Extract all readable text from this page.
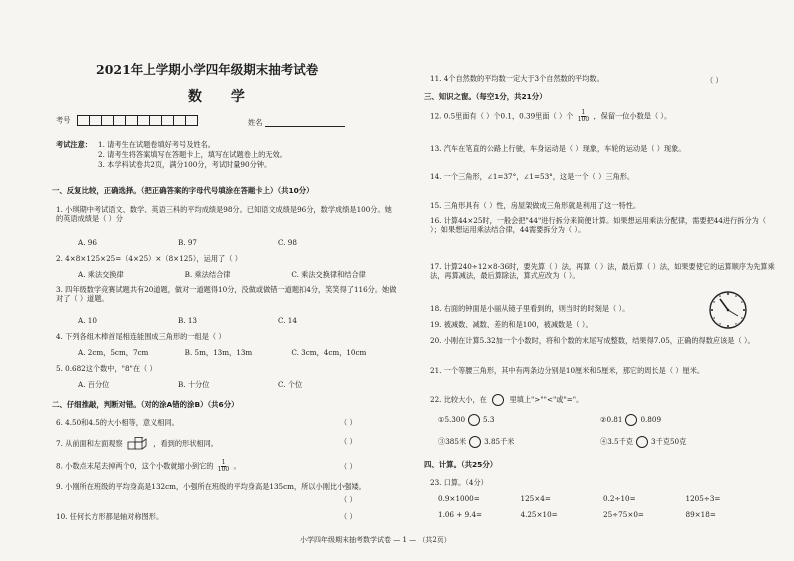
2021年上学期小学四年级期末抽考试卷
数 学
考号	姓名
考试注意： 1. 请考生在试题卷填好考号及姓名。
2. 请考生将答案填写在答题卡上，填写在试题卷上的无效。
3. 本学科试卷共2页，满分100分，考试时量90分钟。
一、反复比较，正确选择。（把正确答案的字母代号填涂在答题卡上）（共10分）
1. 小琪期中考试语文、数学、英语三科的平均成绩是98分。已知语文成绩是96分，数学成绩是100分。她的英语成绩是（ ）分
A. 96	B. 97	C. 98
2. 4×8×125×25=（4×25）×（8×125），运用了（ ）
A. 乘法交换律	B. 乘法结合律	C. 乘法交换律和结合律
3. 四年级数学竞赛试题共有20道题，做对一道题得10分，没做或做错一道题扣4分，笑笑得了116分。她做对了（ ）道题。
A. 10	B. 13	C. 14
4. 下列各组木棒首尾相连能围成三角形的一组是（ ）
A. 2cm，5cm，7cm	B. 5m，13m，13m	C. 3cm，4cm，10cm
5. 0.682这个数中，"8"在（ ）
A. 百分位	B. 十分位	C. 个位
二、仔细推敲，判断对错。（对的涂A错的涂B）（共6分）
6. 4.50和4.5的大小相等，意义相同。	（ ）
7. 从前面和左面观察	，看到的形状相同。	（ ）
8. 小数点末尾去掉两个0，这个小数就缩小到它的 $\frac{1}{100}$ 。	（ ）
9. 小刚所在班级的平均身高是132cm，小强所在班级的平均身高是135cm，所以小刚比小强矮。
（ ）
10. 任何长方形都是轴对称图形。	（ ）
11. 4个自然数的平均数一定大于3个自然数的平均数。	（ ）
三、知识之窗。（每空1分，共21分）
12. 0.5里面有（ ）个0.1，0.39里面（ ）个 $\frac{1}{100}$ ，保留一位小数是（ ）。
13. 汽车在笔直的公路上行驶，车身运动是（ ）现象，车轮的运动是（ ）现象。
14. 一个三角形，∠1=37°，∠1=53°，这是一个（ ）三角形。
15. 三角形具有（ ）性，房屋架做成三角形就是利用了这一特性。
16. 计算44×25时，一般会把"44"进行拆分来简便计算。如果想运用乘法分配律，需要把44进行拆分为（ ）；如果想运用乘法结合律，44需要拆分为（ ）。
17. 计算240÷12×8-36时，要先算（ ）法，再算（ ）法，最后算（ ）法，如果要使它的运算顺序为先算乘法，再算减法，最后算除法，算式应改为（ ）。
18. 右面的钟面是小丽从镜子里看到的，则当时的时刻是（ ）。
19. 被减数、减数、差的和是100，被减数是（ ）。
20. 小刚在计算5.32加一个小数时，将和个数的末尾写成整数，结果得7.05，正确的得数应该是（ ）。
21. 一个等腰三角形，其中有两条边分别是10厘米和5厘米，那它的周长是（ ）厘米。
22. 比较大小，在	里填上">""<"或"="。
①5.300	5.3	②0.81	0.809
③385米	3.85千米	④3.5千克	3千克50克
四、计算。（共25分）
23. 口算。（4分）
0.9×1000=	125×4=	0.2÷10=	1205÷3=
1.06 + 9.4=	4.25×10=	25÷75×0=	89×18=
小学四年级期末抽考数学试卷 — 1 — （共2页）
